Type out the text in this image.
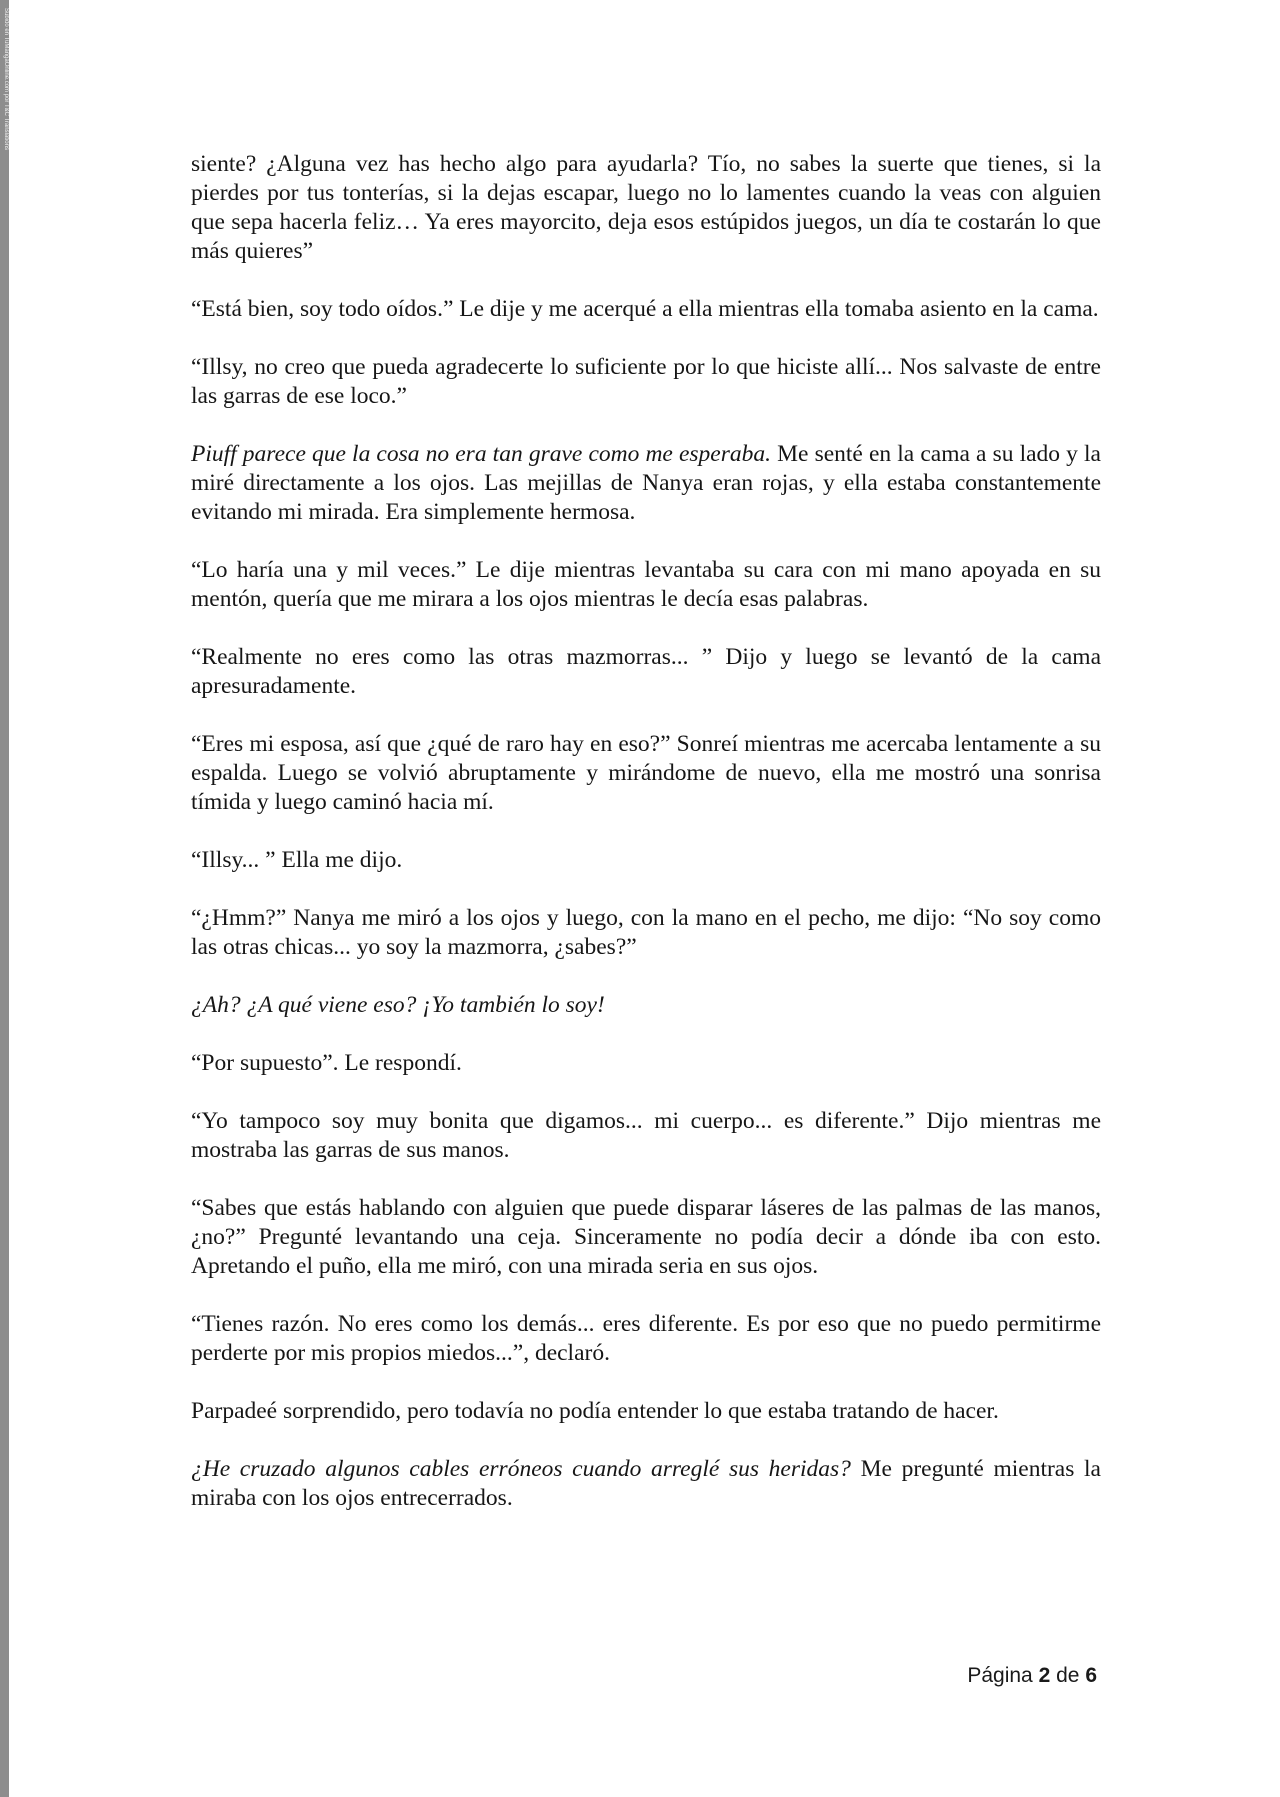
Subido en TuMangaOnline.com por T&C Translations

siente? ¿Alguna vez has hecho algo para ayudarla? Tío, no sabes la suerte que tienes, si la pierdes por tus tonterías, si la dejas escapar, luego no lo lamentes cuando la veas con alguien que sepa hacerla feliz… Ya eres mayorcito, deja esos estúpidos juegos, un día te costarán lo que más quieres”

“Está bien, soy todo oídos.” Le dije y me acerqué a ella mientras ella tomaba asiento en la cama.

“Illsy, no creo que pueda agradecerte lo suficiente por lo que hiciste allí... Nos salvaste de entre las garras de ese loco.”

Piuff parece que la cosa no era tan grave como me esperaba. Me senté en la cama a su lado y la miré directamente a los ojos. Las mejillas de Nanya eran rojas, y ella estaba constantemente evitando mi mirada. Era simplemente hermosa.

“Lo haría una y mil veces.” Le dije mientras levantaba su cara con mi mano apoyada en su mentón, quería que me mirara a los ojos mientras le decía esas palabras.

“Realmente no eres como las otras mazmorras... ” Dijo y luego se levantó de la cama apresuradamente.

“Eres mi esposa, así que ¿qué de raro hay en eso?” Sonreí mientras me acercaba lentamente a su espalda. Luego se volvió abruptamente y mirándome de nuevo, ella me mostró una sonrisa tímida y luego caminó hacia mí.

“Illsy... ” Ella me dijo.

“¿Hmm?” Nanya me miró a los ojos y luego, con la mano en el pecho, me dijo: “No soy como las otras chicas... yo soy la mazmorra, ¿sabes?”

¿Ah? ¿A qué viene eso? ¡Yo también lo soy!

“Por supuesto”. Le respondí.

“Yo tampoco soy muy bonita que digamos... mi cuerpo... es diferente.” Dijo mientras me mostraba las garras de sus manos.

“Sabes que estás hablando con alguien que puede disparar láseres de las palmas de las manos, ¿no?” Pregunté levantando una ceja. Sinceramente no podía decir a dónde iba con esto. Apretando el puño, ella me miró, con una mirada seria en sus ojos.

“Tienes razón. No eres como los demás... eres diferente. Es por eso que no puedo permitirme perderte por mis propios miedos...”, declaró.

Parpadeé sorprendido, pero todavía no podía entender lo que estaba tratando de hacer.

¿He cruzado algunos cables erróneos cuando arreglé sus heridas? Me pregunté mientras la miraba con los ojos entrecerrados.

Página 2 de 6
